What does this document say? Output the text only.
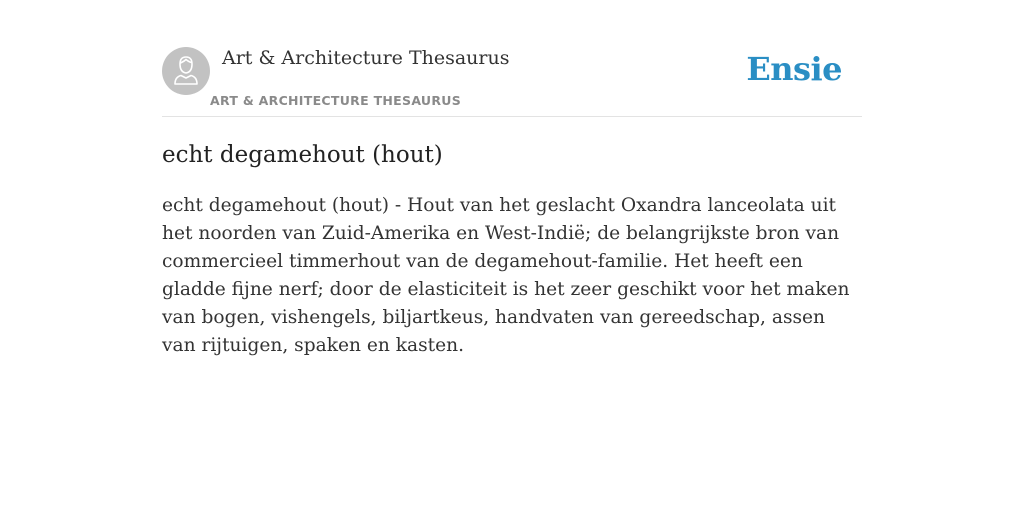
Art & Architecture Thesaurus
ART & ARCHITECTURE THESAURUS
Ensie
echt degamehout (hout)

echt degamehout (hout) - Hout van het geslacht Oxandra lanceolata uit het noorden van Zuid-Amerika en West-Indië; de belangrijkste bron van commercieel timmerhout van de degamehout-familie. Het heeft een gladde fijne nerf; door de elasticiteit is het zeer geschikt voor het maken van bogen, vishengels, biljartkeus, handvaten van gereedschap, assen van rijtuigen, spaken en kasten.
